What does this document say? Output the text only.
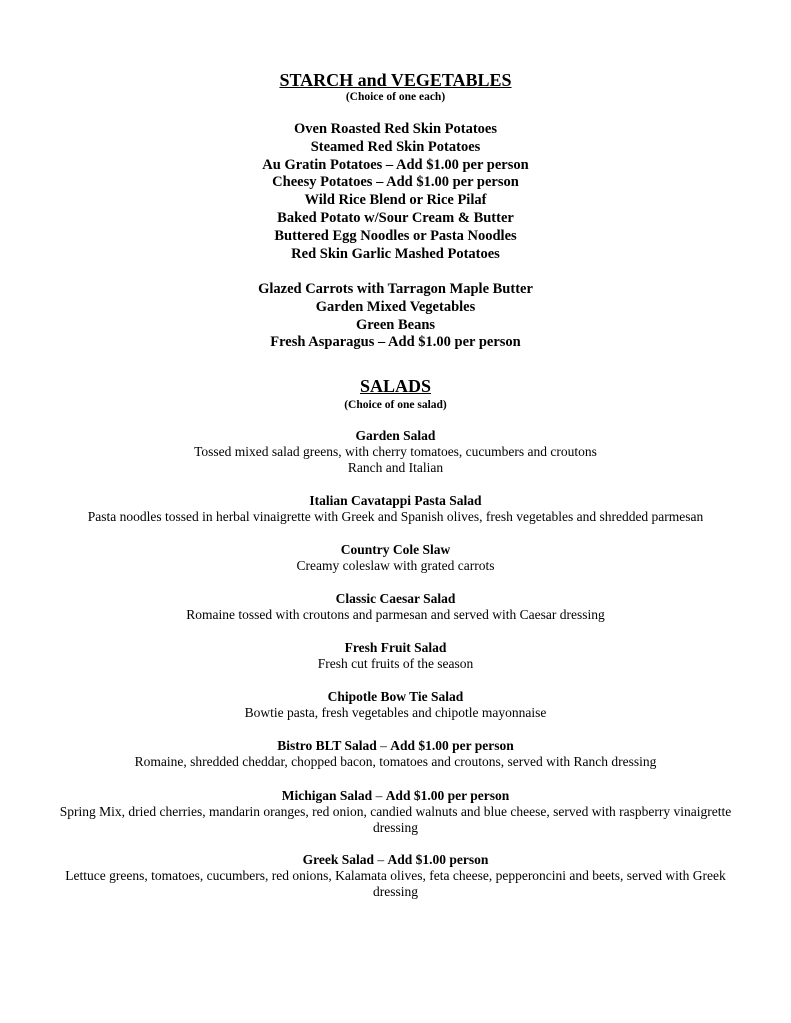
STARCH and VEGETABLES
(Choice of one each)
Oven Roasted Red Skin Potatoes
Steamed Red Skin Potatoes
Au Gratin Potatoes – Add $1.00 per person
Cheesy Potatoes – Add $1.00 per person
Wild Rice Blend or Rice Pilaf
Baked Potato w/Sour Cream & Butter
Buttered Egg Noodles or Pasta Noodles
Red Skin Garlic Mashed Potatoes
Glazed Carrots with Tarragon Maple Butter
Garden Mixed Vegetables
Green Beans
Fresh Asparagus – Add $1.00 per person
SALADS
(Choice of one salad)
Garden Salad
Tossed mixed salad greens, with cherry tomatoes, cucumbers and croutons
Ranch and Italian
Italian Cavatappi Pasta Salad
Pasta noodles tossed in herbal vinaigrette with Greek and Spanish olives, fresh vegetables and shredded parmesan
Country Cole Slaw
Creamy coleslaw with grated carrots
Classic Caesar Salad
Romaine tossed with croutons and parmesan and served with Caesar dressing
Fresh Fruit Salad
Fresh cut fruits of the season
Chipotle Bow Tie Salad
Bowtie pasta, fresh vegetables and chipotle mayonnaise
Bistro BLT Salad – Add $1.00 per person
Romaine, shredded cheddar, chopped bacon, tomatoes and croutons, served with Ranch dressing
Michigan Salad – Add $1.00 per person
Spring Mix, dried cherries, mandarin oranges, red onion, candied walnuts and blue cheese, served with raspberry vinaigrette dressing
Greek Salad – Add $1.00 person
Lettuce greens, tomatoes, cucumbers, red onions, Kalamata olives, feta cheese, pepperoncini and beets, served with Greek dressing
